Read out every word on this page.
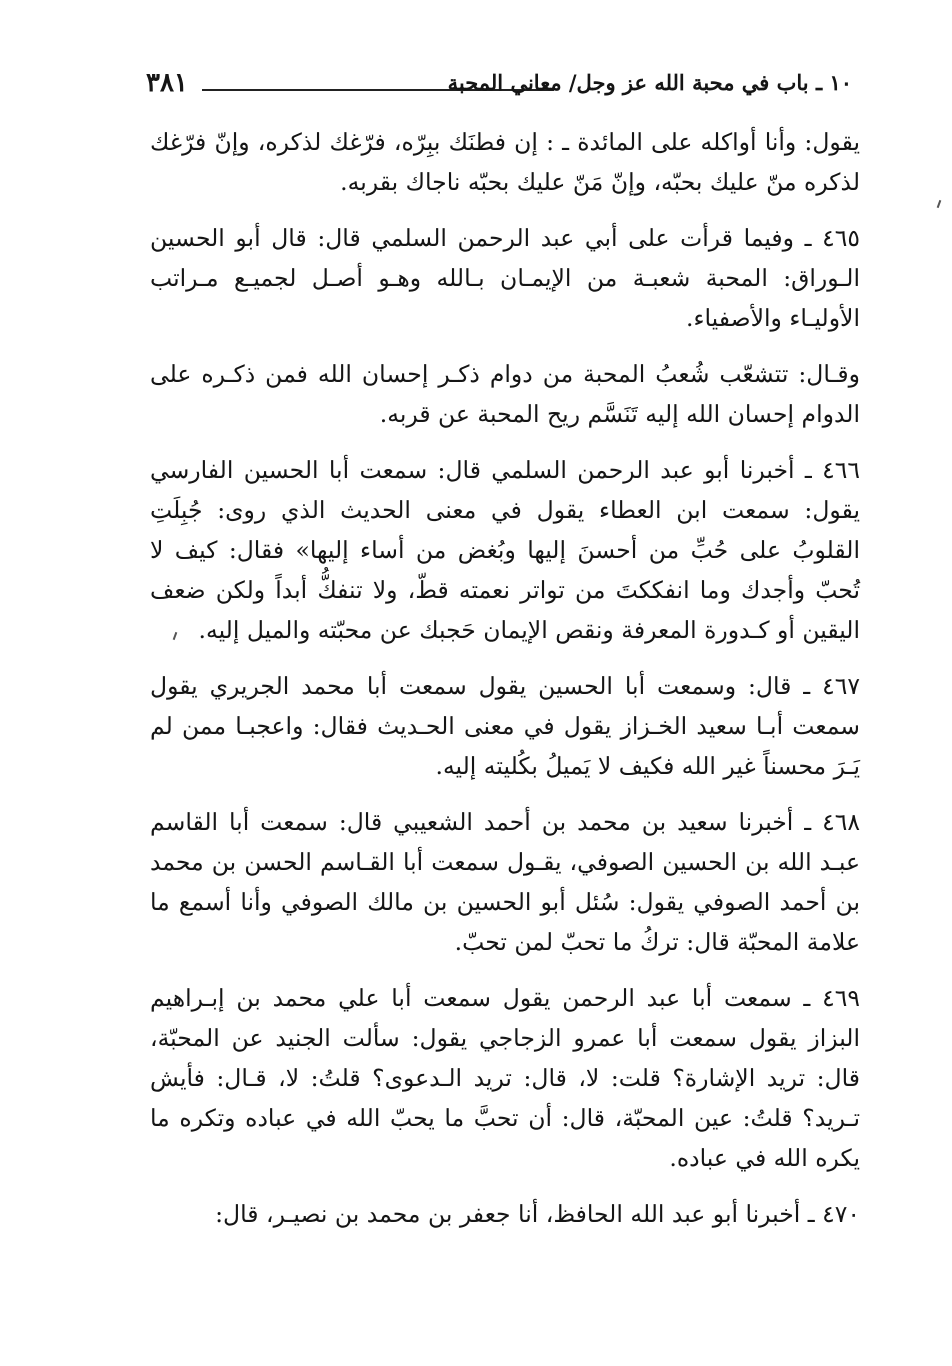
٣٨١	١٠ ـ باب في محبة الله عز وجل/ معاني المحبة

يقول: وأنا أواكله على المائدة ـ : إن فطنَك ببِرّه، فرّغك لذكره، وإنّ فرّغك لذكره منّ عليك بحبّه، وإنّ مَنّ عليك بحبّه ناجاك بقربه.

٤٦٥ ـ وفيما قرأت على أبي عبد الرحمن السلمي قال: قال أبو الحسين الـوراق: المحبة شعبـة من الإيمـان بـالله وهـو أصـل لجميـع مـراتب الأوليـاء والأصفياء.

وقـال: تتشعّب شُعبُ المحبة من دوام ذكـر إحسان الله فمن ذكـره على الدوام إحسان الله إليه تَنَسَّم ريح المحبة عن قربه.

٤٦٦ ـ أخبرنا أبو عبد الرحمن السلمي قال: سمعت أبا الحسين الفارسي يقول: سمعت ابن العطاء يقول في معنى الحديث الذي روى: جُبِلَتِ القلوبُ على حُبِّ من أحسنَ إليها وبُغض من أساء إليها» فقال: كيف لا تُحبّ وأجدك وما انفككتَ من تواتر نعمته قطّ، ولا تنفكُّ أبداً ولكن ضعف اليقين أو كـدورة المعرفة ونقص الإيمان حَجبك عن محبّته والميل إليه.

٤٦٧ ـ قال: وسمعت أبا الحسين يقول سمعت أبا محمد الجريري يقول سمعت أبـا سعيد الخـزاز يقول في معنى الحـديث فقال: واعجبـا ممن لم يَـرَ محسناً غير الله فكيف لا يَميلُ بكُليته إليه.

٤٦٨ ـ أخبرنا سعيد بن محمد بن أحمد الشعيبي قال: سمعت أبا القاسم عبـد الله بن الحسين الصوفي، يقـول سمعت أبا القـاسم الحسن بن محمد بن أحمد الصوفي يقول: سُئل أبو الحسين بن مالك الصوفي وأنا أسمع ما علامة المحبّة قال: تركُ ما تحبّ لمن تحبّ.

٤٦٩ ـ سمعت أبا عبد الرحمن يقول سمعت أبا علي محمد بن إبـراهيم البزاز يقول سمعت أبا عمرو الزجاجي يقول: سألت الجنيد عن المحبّة، قال: تريد الإشارة؟ قلت: لا، قال: تريد الـدعوى؟ قلتُ: لا، قـال: فأيش تـريد؟ قلتُ: عين المحبّة، قال: أن تحبَّ ما يحبّ الله في عباده وتكره ما يكره الله في عباده.

٤٧٠ ـ أخبرنا أبو عبد الله الحافظ، أنا جعفر بن محمد بن نصيـر، قال:
